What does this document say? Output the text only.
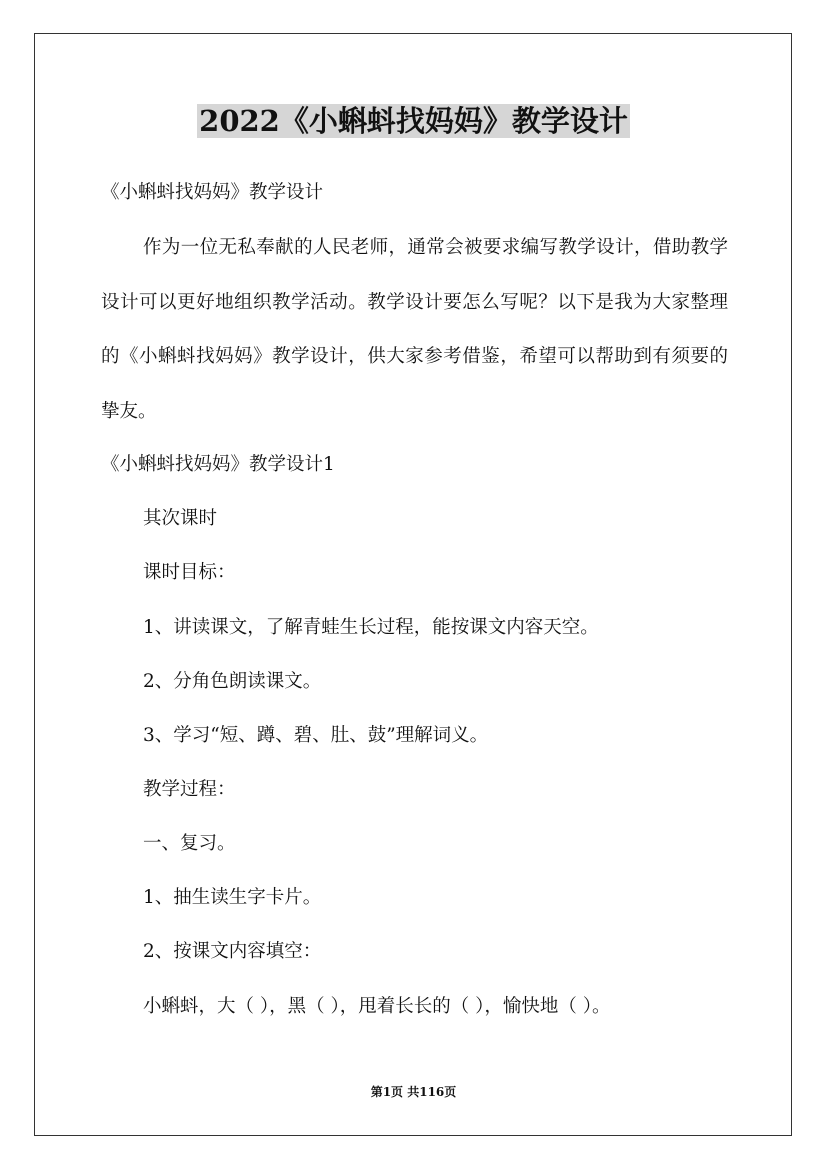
2022《小蝌蚪找妈妈》教学设计

《小蝌蚪找妈妈》教学设计

作为一位无私奉献的人民老师，通常会被要求编写教学设计，借助教学设计可以更好地组织教学活动。教学设计要怎么写呢？以下是我为大家整理的《小蝌蚪找妈妈》教学设计，供大家参考借鉴，希望可以帮助到有须要的挚友。

《小蝌蚪找妈妈》教学设计1

其次课时

课时目标：

1、讲读课文，了解青蛙生长过程，能按课文内容天空。

2、分角色朗读课文。

3、学习“短、蹲、碧、肚、鼓”理解词义。

教学过程：

一、复习。

1、抽生读生字卡片。

2、按课文内容填空：

小蝌蚪，大（ ），黑（ ），甩着长长的（ ），愉快地（ ）。

第1页 共116页
